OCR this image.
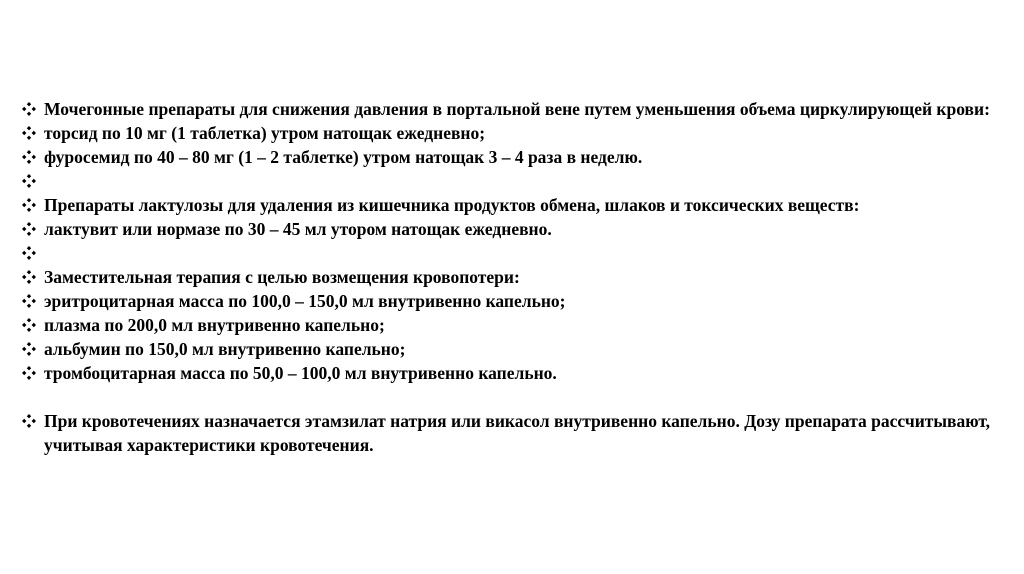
Мочегонные препараты для снижения давления в портальной вене путем уменьшения объема циркулирующей крови:
торсид по 10 мг (1 таблетка) утром натощак ежедневно;
фуросемид по 40 – 80 мг (1 – 2 таблетке) утром натощак 3 – 4 раза в неделю.
Препараты лактулозы для удаления из кишечника продуктов обмена, шлаков и токсических веществ:
лактувит или нормазе по 30 – 45 мл утором натощак ежедневно.
Заместительная терапия с целью возмещения кровопотери:
эритроцитарная масса по 100,0 – 150,0 мл внутривенно капельно;
плазма по 200,0 мл внутривенно капельно;
альбумин по 150,0 мл внутривенно капельно;
тромбоцитарная масса по 50,0 – 100,0 мл внутривенно капельно.
При кровотечениях назначается этамзилат натрия или викасол внутривенно капельно. Дозу препарата рассчитывают, учитывая характеристики кровотечения.
